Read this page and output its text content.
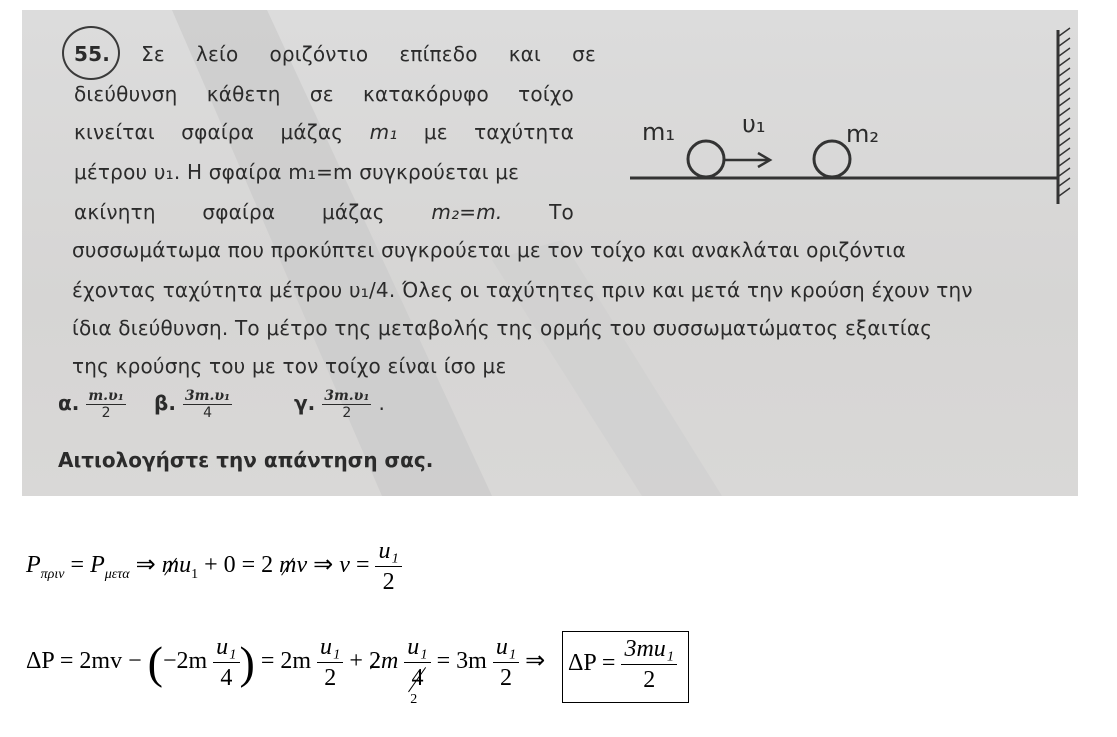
55. Σε λείο οριζόντιο επίπεδο και σε
διεύθυνση κάθετη σε κατακόρυφο τοίχο
κινείται σφαίρα μάζας m₁ με ταχύτητα
μέτρου υ₁. Η σφαίρα m₁=m συγκρούεται με
ακίνητη σφαίρα μάζας m₂=m. Το
συσσωμάτωμα που προκύπτει συγκρούεται με τον τοίχο και ανακλάται οριζόντια
έχοντας ταχύτητα μέτρου υ₁/4. Όλες οι ταχύτητες πριν και μετά την κρούση έχουν την
ίδια διεύθυνση. Το μέτρο της μεταβολής της ορμής του συσσωματώματος εξαιτίας
της κρούσης του με τον τοίχο είναι ίσο με
α. $\frac{\text{m.υ₁}}{2} \beta$. $\frac{\text{3m.υ₁}}{4}$	γ. $\frac{\text{3m.υ₁}}{2}$ .
Αιτιολογήστε την απάντηση σας.
m₁	υ₁	m₂
$P_{\pi\rho\iota\nu} = P_{\mu\varepsilon\tau\alpha}$ ⇒ $mu_1 + 0 = 2$ mv ⇒ $v = \frac{\text{u₁}}{2}$
$\Delta P = 2mv - (-2m \frac{\text{u₁}}{4}$ ) = $2m \frac{\text{u₁}}{2} + 2m$
u₁
4
2
= $3m \frac{\text{u₁}}{2}$ ⇒ $\Delta P = \frac{\text{3mu₁}}{2}$
